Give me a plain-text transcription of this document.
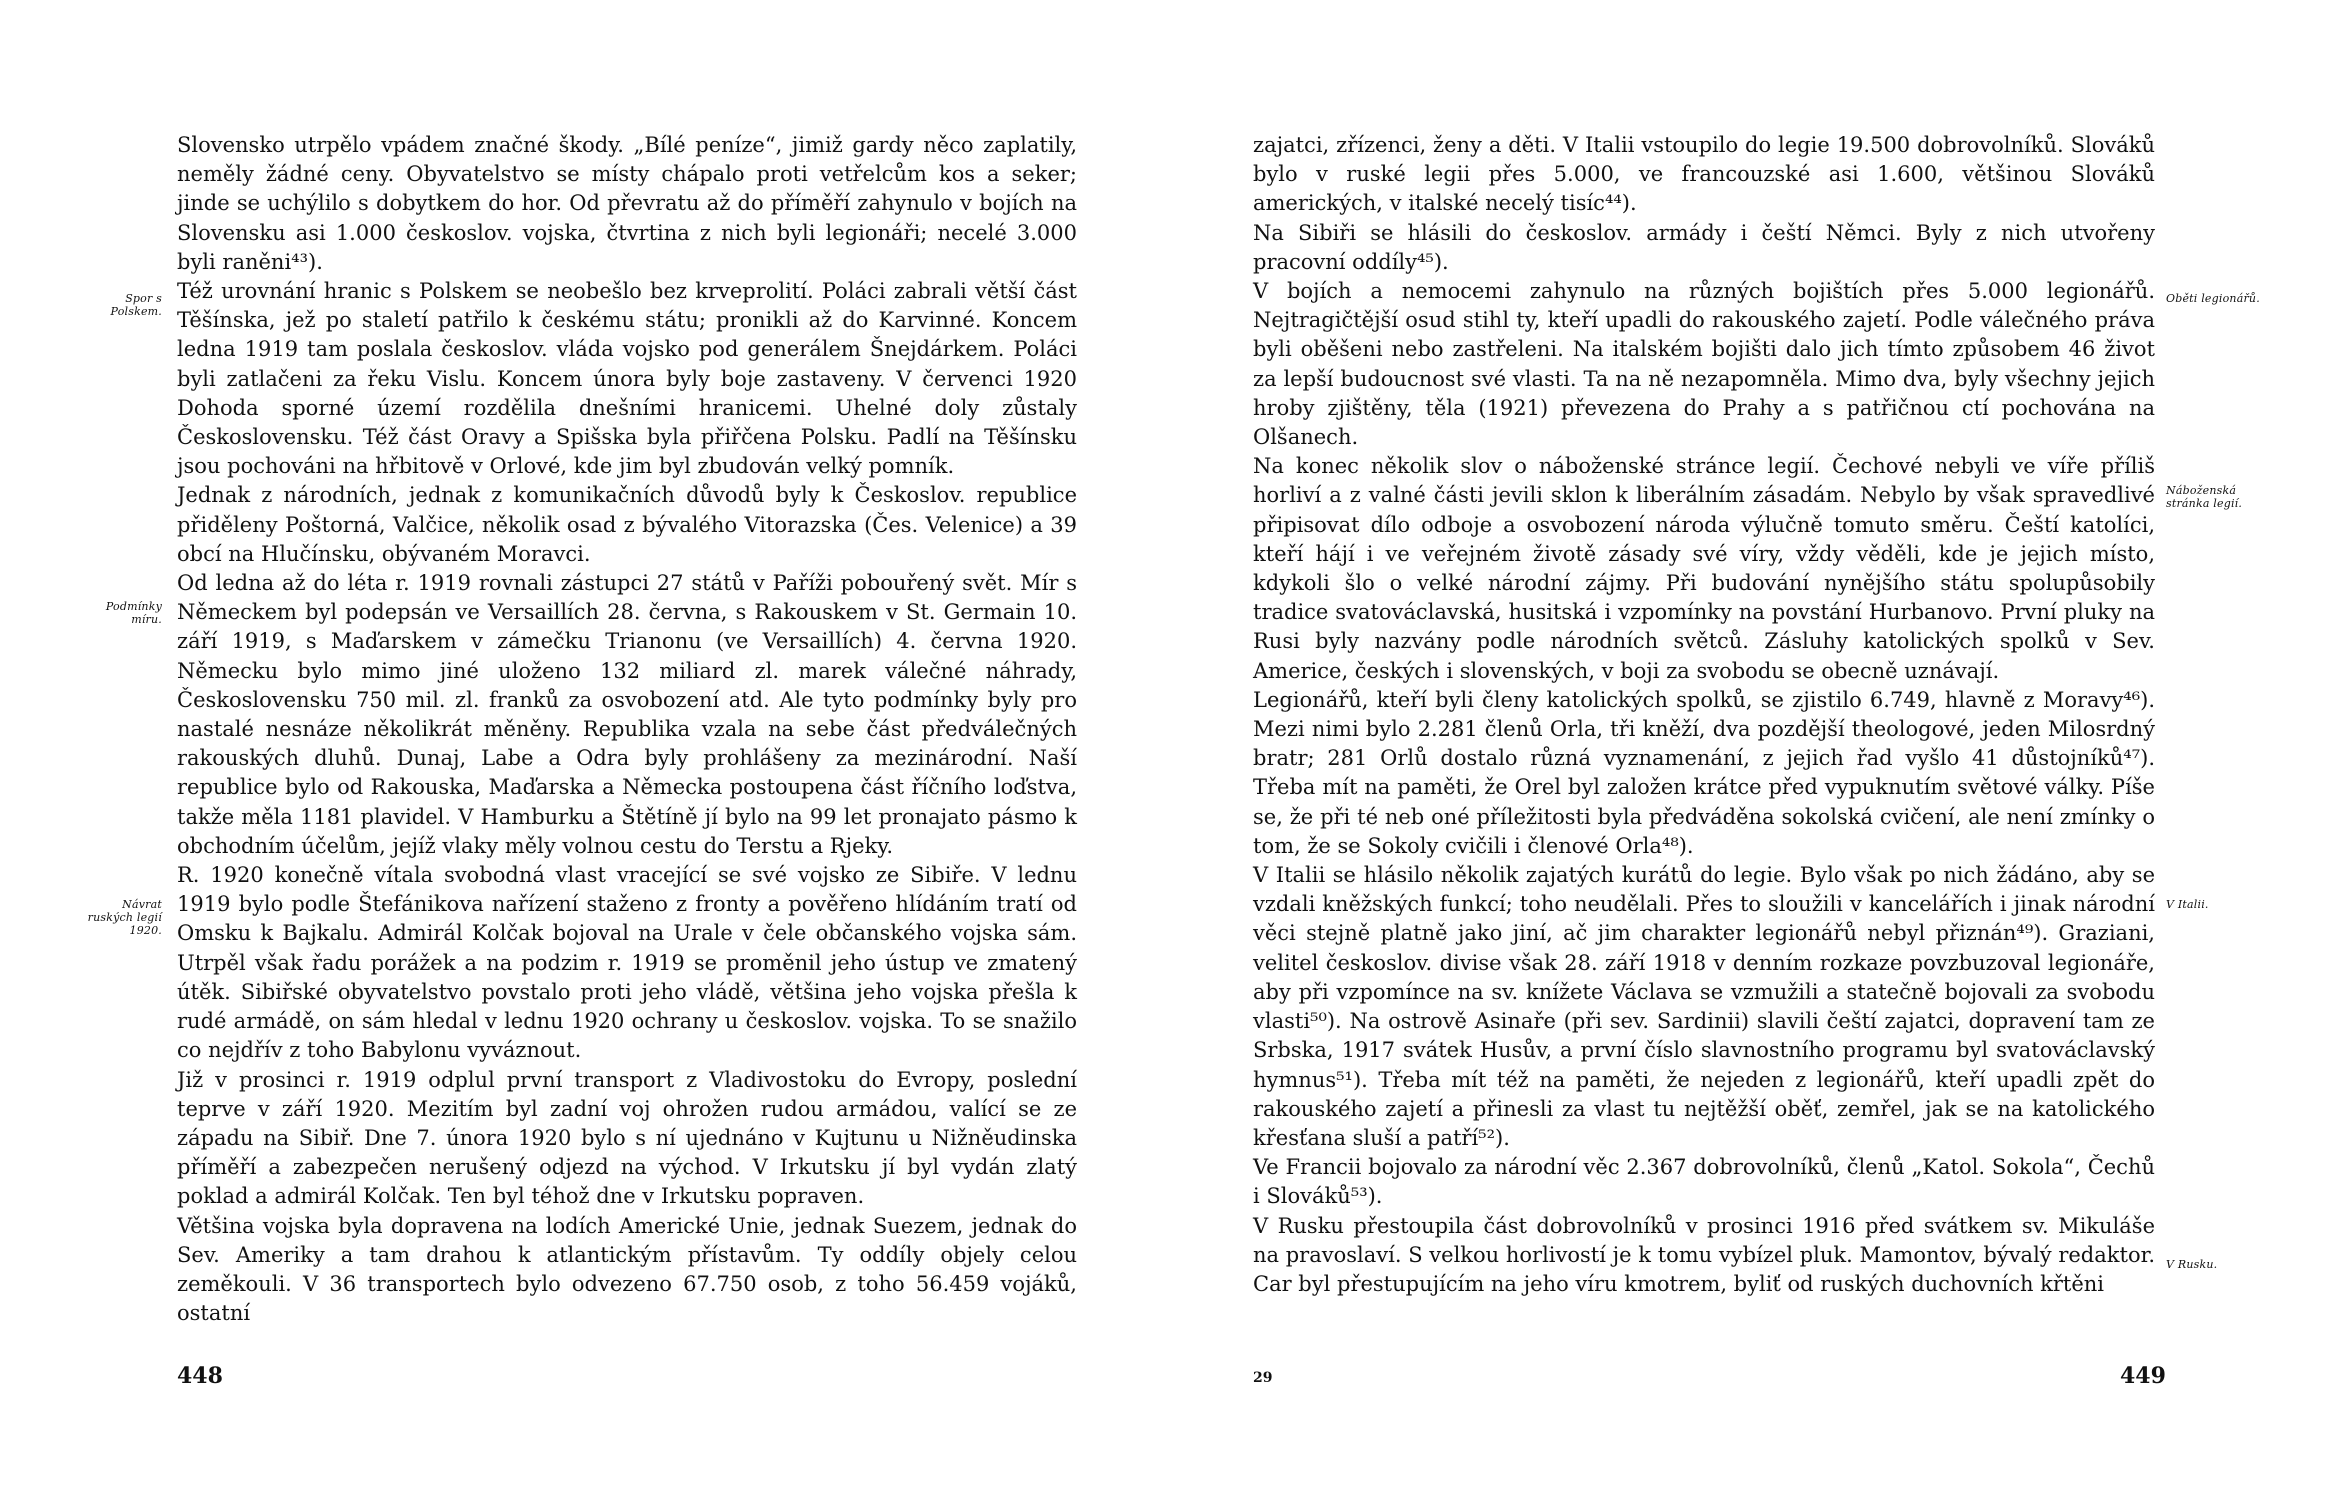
Slovensko utrpělo vpádem značné škody. „Bílé peníze“, jimiž gardy něco zaplatily, neměly žádné ceny. Obyvatelstvo se místy chápalo proti vetřelcům kos a seker; jinde se uchýlilo s dobytkem do hor. Od převratu až do příměří zahynulo v bojích na Slovensku asi 1.000 českoslov. vojska, čtvrtina z nich byli legionáři; necelé 3.000 byli raněni⁴³).

Též urovnání hranic s Polskem se neobešlo bez krveprolití. Poláci zabrali větší část Těšínska, jež po staletí patřilo k českému státu; pronikli až do Karvinné. Koncem ledna 1919 tam poslala českoslov. vláda vojsko pod generálem Šnejdárkem. Poláci byli zatlačeni za řeku Vislu. Koncem února byly boje zastaveny. V červenci 1920 Dohoda sporné území rozdělila dnešními hranicemi. Uhelné doly zůstaly Československu. Též část Oravy a Spišska byla přiřčena Polsku. Padlí na Těšínsku jsou pochováni na hřbitově v Orlové, kde jim byl zbudován velký pomník.

Jednak z národních, jednak z komunikačních důvodů byly k Českoslov. republice přiděleny Poštorná, Valčice, několik osad z bývalého Vitorazska (Čes. Velenice) a 39 obcí na Hlučínsku, obývaném Moravci.

Od ledna až do léta r. 1919 rovnali zástupci 27 států v Paříži pobouřený svět. Mír s Německem byl podepsán ve Versaillích 28. června, s Rakouskem v St. Germain 10. září 1919, s Maďarskem v zámečku Trianonu (ve Versaillích) 4. června 1920. Německu bylo mimo jiné uloženo 132 miliard zl. marek válečné náhrady, Československu 750 mil. zl. franků za osvobození atd. Ale tyto podmínky byly pro nastalé nesnáze několikrát měněny. Republika vzala na sebe část předválečných rakouských dluhů. Dunaj, Labe a Odra byly prohlášeny za mezinárodní. Naší republice bylo od Rakouska, Maďarska a Německa postoupena část říčního loďstva, takže měla 1181 plavidel. V Hamburku a Štětíně jí bylo na 99 let pronajato pásmo k obchodním účelům, jejíž vlaky měly volnou cestu do Terstu a Rjeky.

R. 1920 konečně vítala svobodná vlast vracející se své vojsko ze Sibiře. V lednu 1919 bylo podle Štefánikova nařízení staženo z fronty a pověřeno hlídáním tratí od Omsku k Bajkalu. Admirál Kolčak bojoval na Urale v čele občanského vojska sám. Utrpěl však řadu porážek a na podzim r. 1919 se proměnil jeho ústup ve zmatený útěk. Sibiřské obyvatelstvo povstalo proti jeho vládě, většina jeho vojska přešla k rudé armádě, on sám hledal v lednu 1920 ochrany u českoslov. vojska. To se snažilo co nejdřív z toho Babylonu vyváznout.

Již v prosinci r. 1919 odplul první transport z Vladivostoku do Evropy, poslední teprve v září 1920. Mezitím byl zadní voj ohrožen rudou armádou, valící se ze západu na Sibiř. Dne 7. února 1920 bylo s ní ujednáno v Kujtunu u Nižněudinska příměří a zabezpečen nerušený odjezd na východ. V Irkutsku jí byl vydán zlatý poklad a admirál Kolčak. Ten byl téhož dne v Irkutsku popraven.

Většina vojska byla dopravena na lodích Americké Unie, jednak Suezem, jednak do Sev. Ameriky a tam drahou k atlantickým přístavům. Ty oddíly objely celou zeměkouli. V 36 transportech bylo odvezeno 67.750 osob, z toho 56.459 vojáků, ostatní

Spor s Polskem.
Podmínky míru.
Návrat ruských legií 1920.
448

zajatci, zřízenci, ženy a děti. V Italii vstoupilo do legie 19.500 dobrovolníků. Slováků bylo v ruské legii přes 5.000, ve francouzské asi 1.600, většinou Slováků amerických, v italské necelý tisíc⁴⁴).

Na Sibiři se hlásili do českoslov. armády i čeští Němci. Byly z nich utvořeny pracovní oddíly⁴⁵).

V bojích a nemocemi zahynulo na různých bojištích přes 5.000 legionářů. Nejtragičtější osud stihl ty, kteří upadli do rakouského zajetí. Podle válečného práva byli oběšeni nebo zastřeleni. Na italském bojišti dalo jich tímto způsobem 46 život za lepší budoucnost své vlasti. Ta na ně nezapomněla. Mimo dva, byly všechny jejich hroby zjištěny, těla (1921) převezena do Prahy a s patřičnou ctí pochována na Olšanech.

Na konec několik slov o náboženské stránce legií. Čechové nebyli ve víře příliš horliví a z valné části jevili sklon k liberálním zásadám. Nebylo by však spravedlivé připisovat dílo odboje a osvobození národa výlučně tomuto směru. Čeští katolíci, kteří hájí i ve veřejném životě zásady své víry, vždy věděli, kde je jejich místo, kdykoli šlo o velké národní zájmy. Při budování nynějšího státu spolupůsobily tradice svatováclavská, husitská i vzpomínky na povstání Hurbanovo. První pluky na Rusi byly nazvány podle národních světců. Zásluhy katolických spolků v Sev. Americe, českých i slovenských, v boji za svobodu se obecně uznávají.

Legionářů, kteří byli členy katolických spolků, se zjistilo 6.749, hlavně z Moravy⁴⁶). Mezi nimi bylo 2.281 členů Orla, tři kněží, dva pozdější theologové, jeden Milosrdný bratr; 281 Orlů dostalo různá vyznamenání, z jejich řad vyšlo 41 důstojníků⁴⁷). Třeba mít na paměti, že Orel byl založen krátce před vypuknutím světové války. Píše se, že při té neb oné příležitosti byla předváděna sokolská cvičení, ale není zmínky o tom, že se Sokoly cvičili i členové Orla⁴⁸).

V Italii se hlásilo několik zajatých kurátů do legie. Bylo však po nich žádáno, aby se vzdali kněžských funkcí; toho neudělali. Přes to sloužili v kancelářích i jinak národní věci stejně platně jako jiní, ač jim charakter legionářů nebyl přiznán⁴⁹). Graziani, velitel českoslov. divise však 28. září 1918 v denním rozkaze povzbuzoval legionáře, aby při vzpomínce na sv. knížete Václava se vzmužili a statečně bojovali za svobodu vlasti⁵⁰). Na ostrově Asinaře (při sev. Sardinii) slavili čeští zajatci, dopravení tam ze Srbska, 1917 svátek Husův, a první číslo slavnostního programu byl svatováclavský hymnus⁵¹). Třeba mít též na paměti, že nejeden z legionářů, kteří upadli zpět do rakouského zajetí a přinesli za vlast tu nejtěžší oběť, zemřel, jak se na katolického křesťana sluší a patří⁵²).

Ve Francii bojovalo za národní věc 2.367 dobrovolníků, členů „Katol. Sokola“, Čechů i Slováků⁵³).

V Rusku přestoupila část dobrovolníků v prosinci 1916 před svátkem sv. Mikuláše na pravoslaví. S velkou horlivostí je k tomu vybízel pluk. Mamontov, bývalý redaktor. Car byl přestupujícím na jeho víru kmotrem, byliť od ruských duchovních křtěni

Oběti legionářů.
Náboženská stránka legií.
V Italii.
V Rusku.
29	449
